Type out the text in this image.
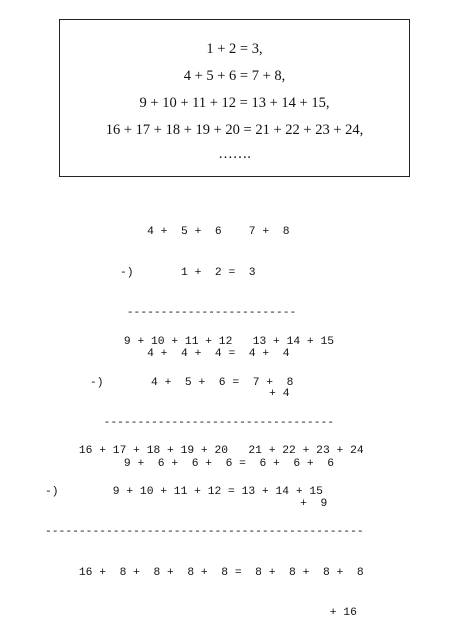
1 + 2 = 3,
4 + 5 + 6 = 7 + 8,
9 + 10 + 11 + 12 = 13 + 14 + 15,
16 + 17 + 18 + 19 + 20 = 21 + 22 + 23 + 24,
…….

4 +  5 +  6    7 +  8

-)       1 +  2 =  3

-------------------------

4 +  4 +  4 =  4 +  4

+ 4

9 + 10 + 11 + 12   13 + 14 + 15

-)       4 +  5 +  6 =  7 +  8

----------------------------------

9 +  6 +  6 +  6 =  6 +  6 +  6

+  9

16 + 17 + 18 + 19 + 20   21 + 22 + 23 + 24

-)        9 + 10 + 11 + 12 = 13 + 14 + 15

-----------------------------------------------

16 +  8 +  8 +  8 +  8 =  8 +  8 +  8 +  8

+ 16
